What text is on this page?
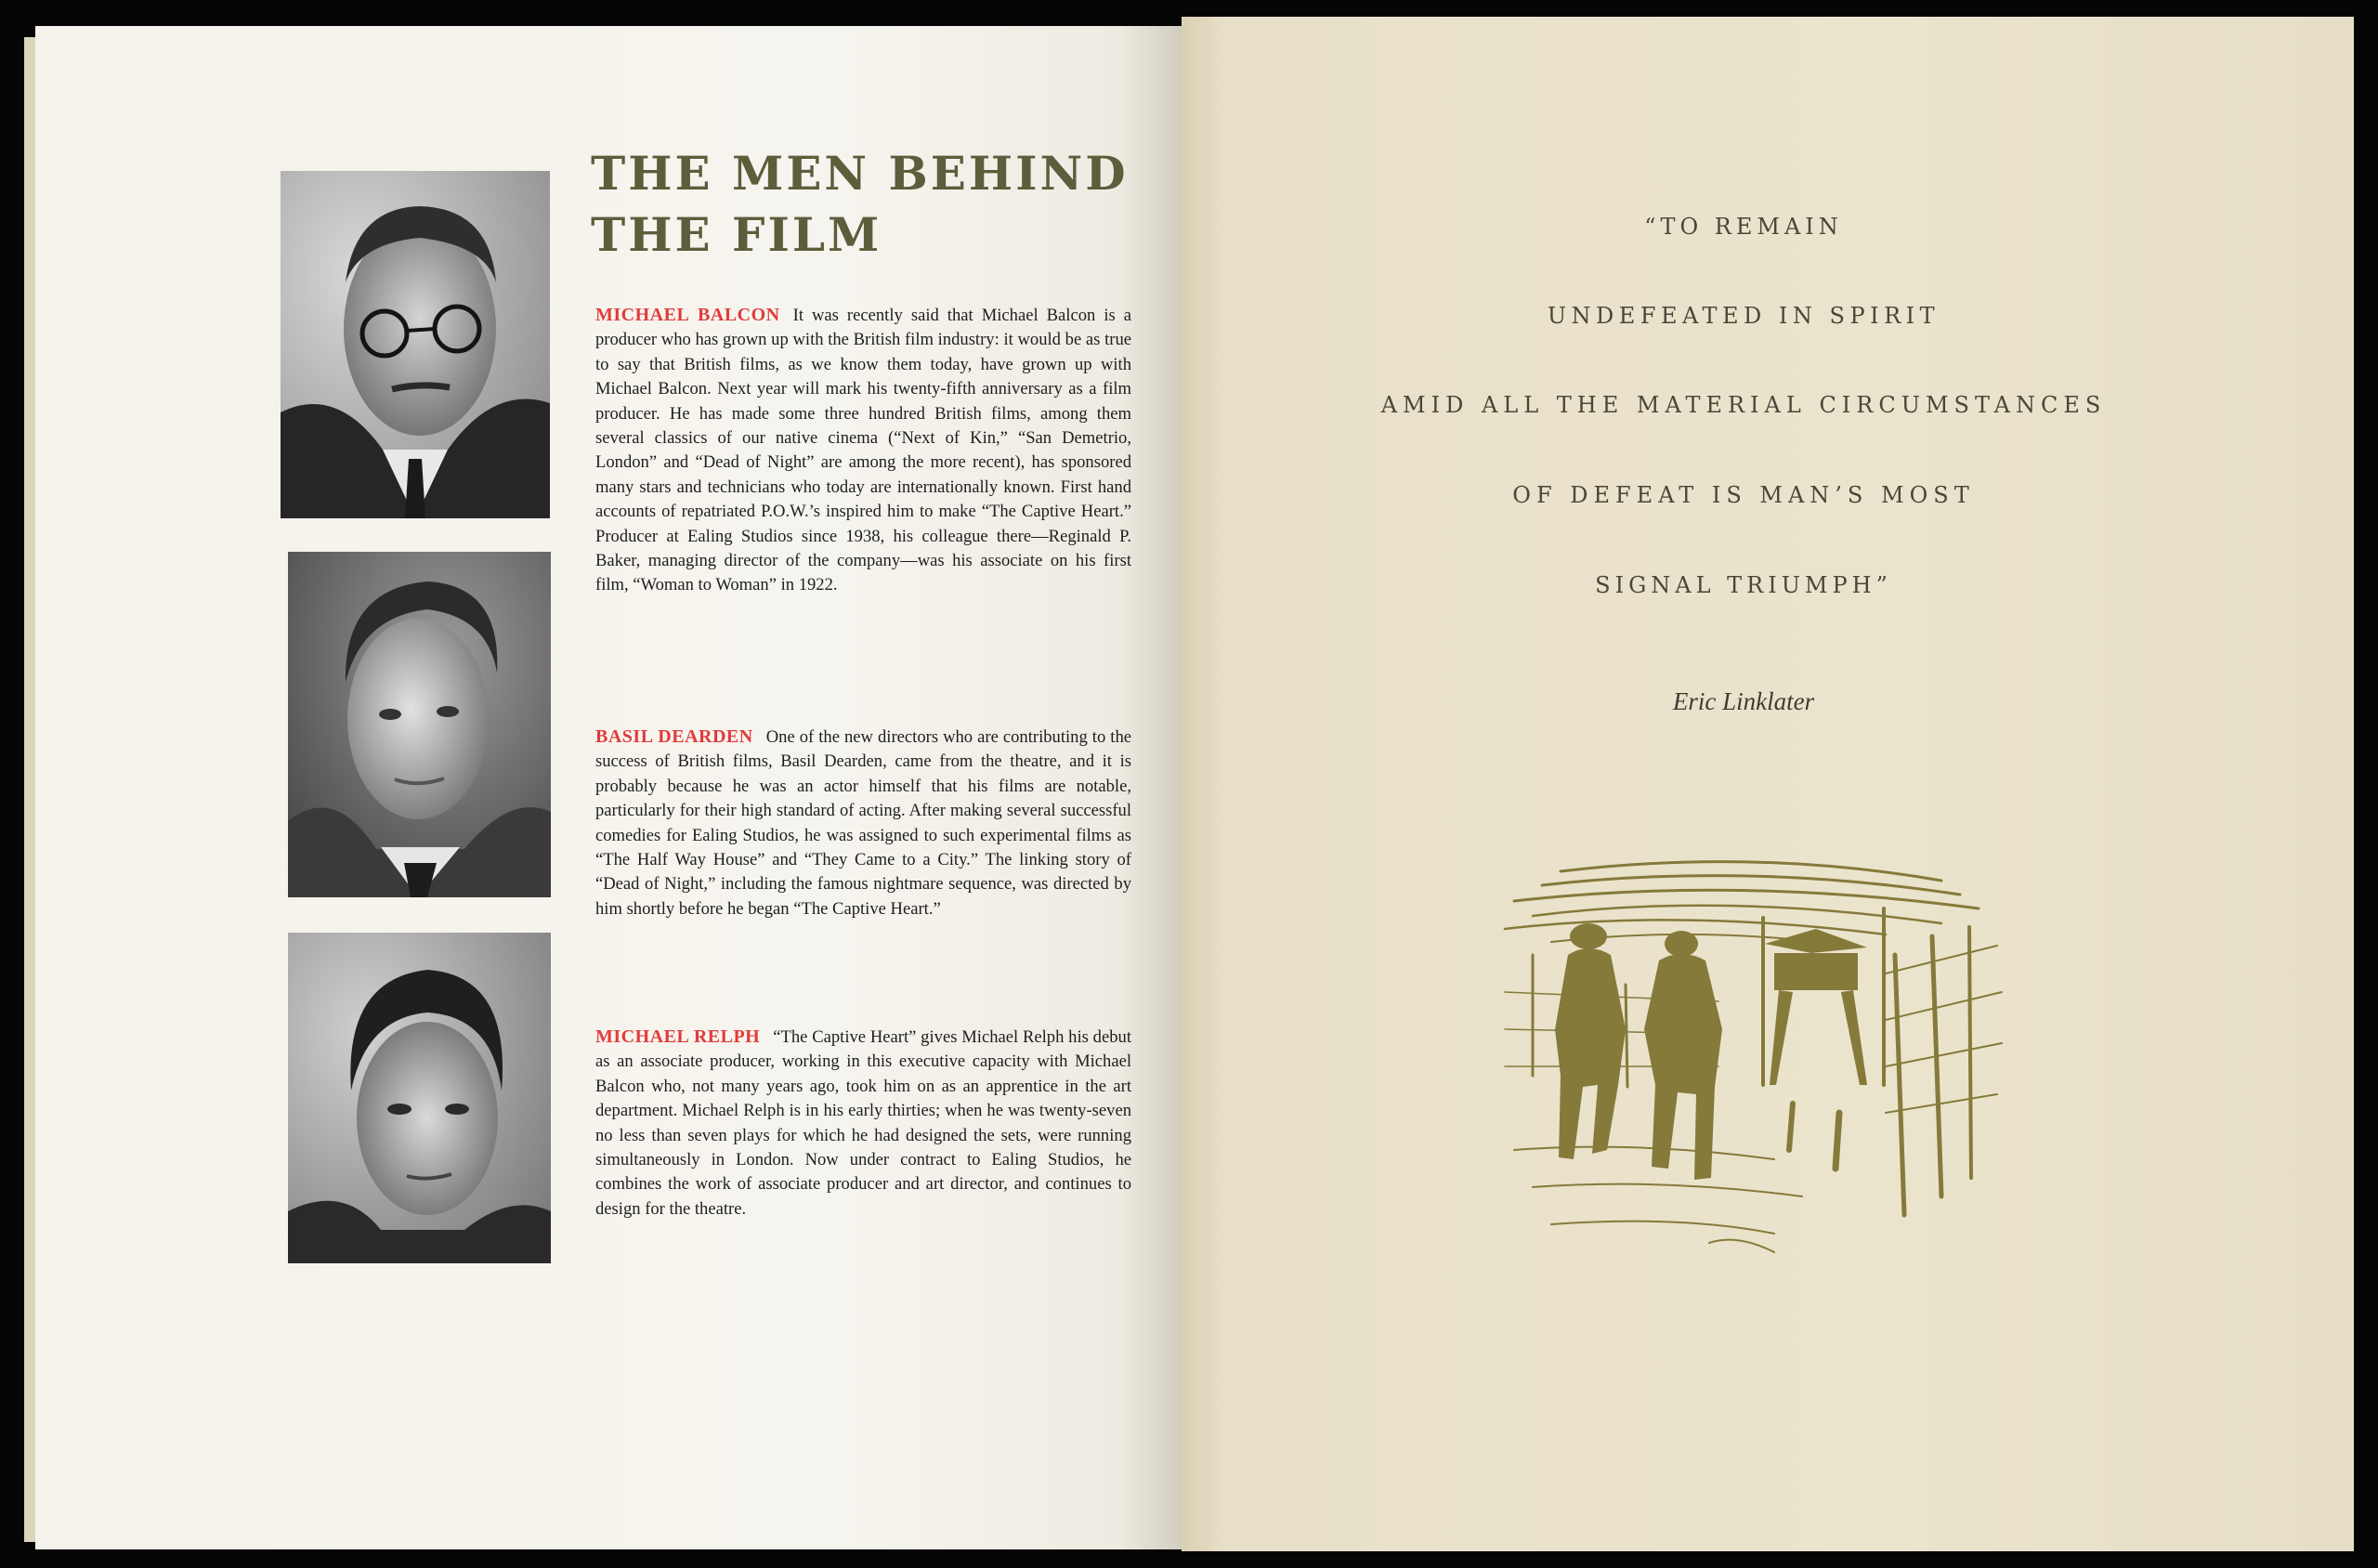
THE MEN BEHIND THE FILM

MICHAEL BALCON It was recently said that Michael Balcon is a producer who has grown up with the British film industry: it would be as true to say that British films, as we know them today, have grown up with Michael Balcon. Next year will mark his twenty-fifth anniversary as a film producer. He has made some three hundred British films, among them several classics of our native cinema (“Next of Kin,” “San Demetrio, London” and “Dead of Night” are among the more recent), has sponsored many stars and technicians who today are internationally known. First hand accounts of repatriated P.O.W.’s inspired him to make “The Captive Heart.” Producer at Ealing Studios since 1938, his colleague there—Reginald P. Baker, managing director of the company—was his associate on his first film, “Woman to Woman” in 1922.

BASIL DEARDEN One of the new directors who are contributing to the success of British films, Basil Dearden, came from the theatre, and it is probably because he was an actor himself that his films are notable, particularly for their high standard of acting. After making several successful comedies for Ealing Studios, he was assigned to such experimental films as “The Half Way House” and “They Came to a City.” The linking story of “Dead of Night,” including the famous nightmare sequence, was directed by him shortly before he began “The Captive Heart.”

MICHAEL RELPH “The Captive Heart” gives Michael Relph his debut as an associate producer, working in this executive capacity with Michael Balcon who, not many years ago, took him on as an apprentice in the art department. Michael Relph is in his early thirties; when he was twenty-seven no less than seven plays for which he had designed the sets, were running simultaneously in London. Now under contract to Ealing Studios, he combines the work of associate producer and art director, and continues to design for the theatre.

“TO REMAIN

UNDEFEATED IN SPIRIT

AMID ALL THE MATERIAL CIRCUMSTANCES

OF DEFEAT IS MAN’S MOST

SIGNAL TRIUMPH”

Eric Linklater
